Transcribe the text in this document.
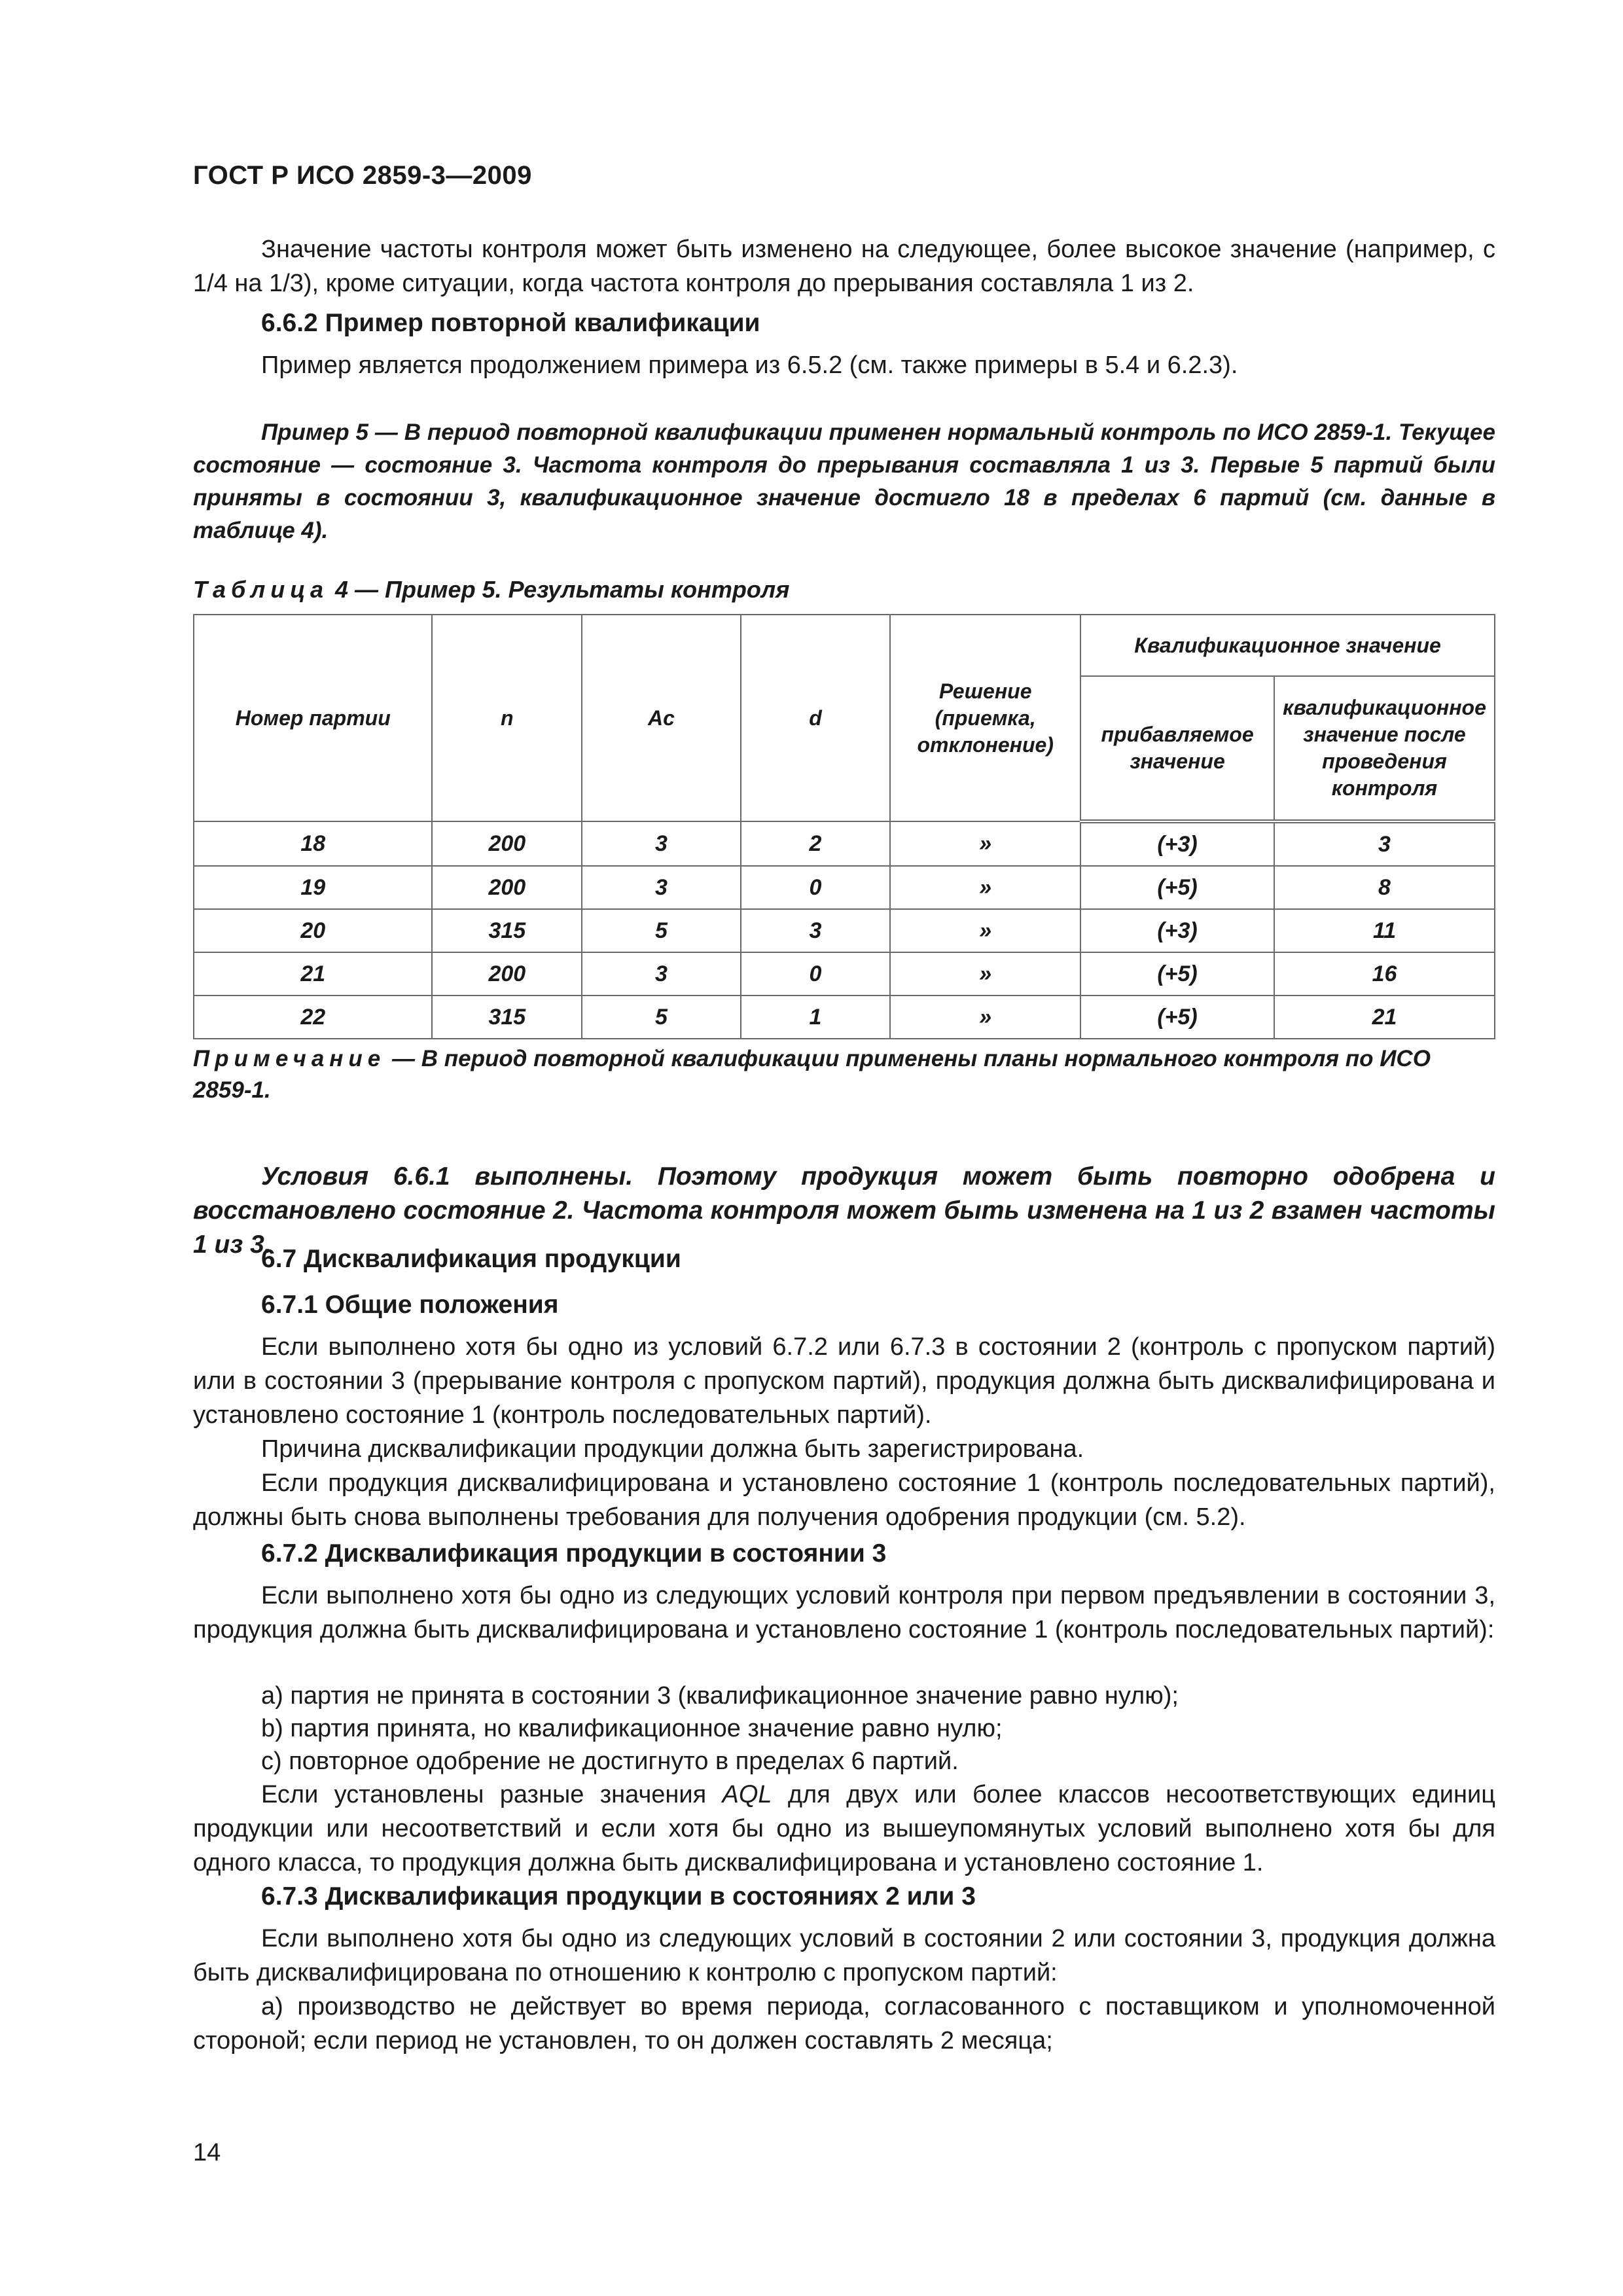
ГОСТ Р ИСО 2859-3—2009

Значение частоты контроля может быть изменено на следующее, более высокое значение (например, с 1/4 на 1/3), кроме ситуации, когда частота контроля до прерывания составляла 1 из 2.

6.6.2 Пример повторной квалификации

Пример является продолжением примера из 6.5.2 (см. также примеры в 5.4 и 6.2.3).

Пример 5 — В период повторной квалификации применен нормальный контроль по ИСО 2859-1. Текущее состояние — состояние 3. Частота контроля до прерывания составляла 1 из 3. Первые 5 партий были приняты в состоянии 3, квалификационное значение достигло 18 в пределах 6 партий (см. данные в таблице 4).

Таблица 4 — Пример 5. Результаты контроля
Номер партии	n	Ac	d	Решение (приемка, отклонение)	Квалификационное значение	
					прибавляемое значение	квалификационное значение после проведения контроля
18	200	3	2	»	(+3)	3
19	200	3	0	»	(+5)	8
20	315	5	3	»	(+3)	11
21	200	3	0	»	(+5)	16
22	315	5	1	»	(+5)	21
Примечание — В период повторной квалификации применены планы нормального контроля по ИСО 2859-1.

Условия 6.6.1 выполнены. Поэтому продукция может быть повторно одобрена и восстановлено состояние 2. Частота контроля может быть изменена на 1 из 2 взамен частоты 1 из 3.

6.7 Дисквалификация продукции

6.7.1 Общие положения

Если выполнено хотя бы одно из условий 6.7.2 или 6.7.3 в состоянии 2 (контроль с пропуском партий) или в состоянии 3 (прерывание контроля с пропуском партий), продукция должна быть дисквалифицирована и установлено состояние 1 (контроль последовательных партий).

Причина дисквалификации продукции должна быть зарегистрирована.

Если продукция дисквалифицирована и установлено состояние 1 (контроль последовательных партий), должны быть снова выполнены требования для получения одобрения продукции (см. 5.2).

6.7.2 Дисквалификация продукции в состоянии 3

Если выполнено хотя бы одно из следующих условий контроля при первом предъявлении в состоянии 3, продукция должна быть дисквалифицирована и установлено состояние 1 (контроль последовательных партий):

a) партия не принята в состоянии 3 (квалификационное значение равно нулю);

b) партия принята, но квалификационное значение равно нулю;

c) повторное одобрение не достигнуто в пределах 6 партий.

Если установлены разные значения AQL для двух или более классов несоответствующих единиц продукции или несоответствий и если хотя бы одно из вышеупомянутых условий выполнено хотя бы для одного класса, то продукция должна быть дисквалифицирована и установлено состояние 1.

6.7.3 Дисквалификация продукции в состояниях 2 или 3

Если выполнено хотя бы одно из следующих условий в состоянии 2 или состоянии 3, продукция должна быть дисквалифицирована по отношению к контролю с пропуском партий:

a) производство не действует во время периода, согласованного с поставщиком и уполномоченной стороной; если период не установлен, то он должен составлять 2 месяца;

14
